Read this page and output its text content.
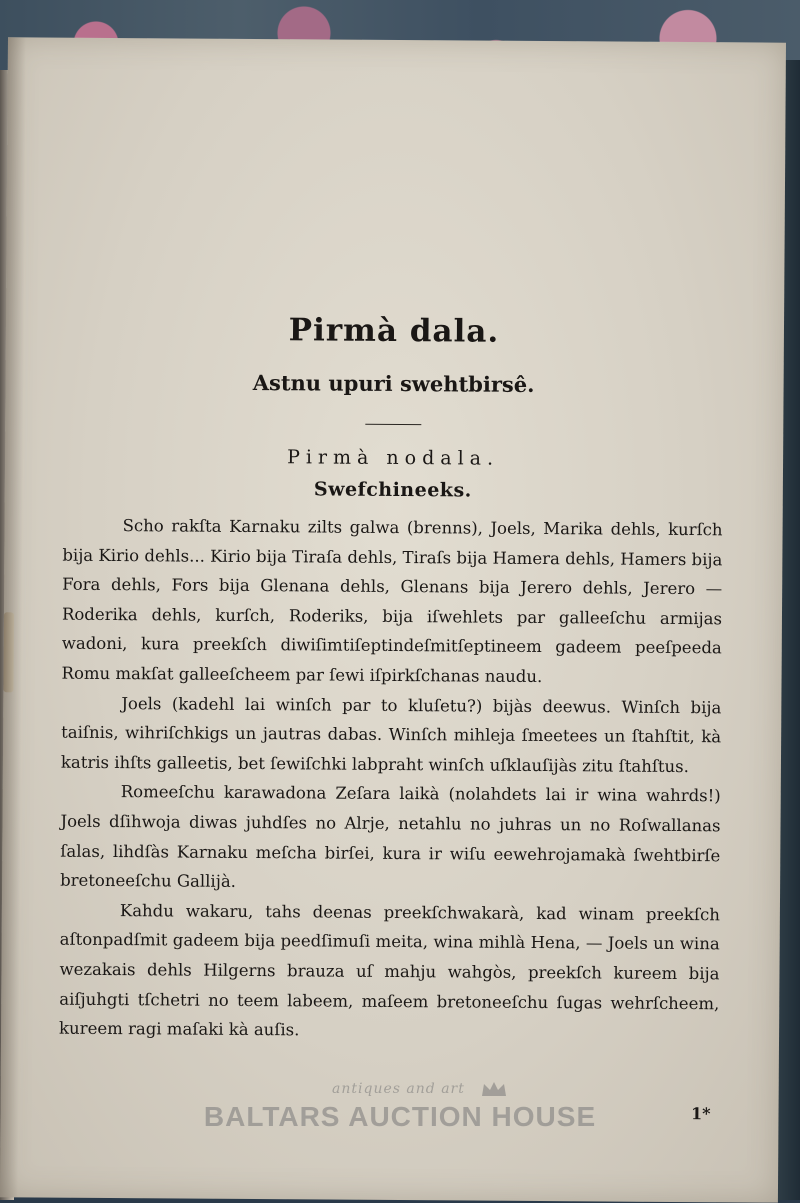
Pirmà dala.
Astnu upuri swehtbirsê.
Pirmà nodala.
Swefchineeks.

Scho rakſta Karnaku zilts galwa (brenns), Joels, Marika dehls, kurſch bija Kirio dehls... Kirio bija Tiraſa dehls, Tiraſs bija Hamera dehls, Hamers bija Fora dehls, Fors bija Glenana dehls, Glenans bija Jerero dehls, Jerero — Roderika dehls, kurſch, Roderiks, bija iſwehlets par galleeſchu armijas wadoni, kura preekſch diwiſimtiſeptindeſmitſeptineem gadeem peeſpeeda Romu makſat galleeſcheem par ſewi iſpirkſchanas naudu.

Joels (kadehl lai winſch par to kluſetu?) bijàs deewus. Winſch bija taiſnis, wihriſchkigs un jautras dabas. Winſch mihleja ſmeetees un ſtahſtit, kà katris ihſts galleetis, bet ſewiſchki labpraht winſch uſklauſijàs zitu ſtahſtus.

Romeeſchu karawadona Zeſara laikà (nolahdets lai ir wina wahrds!) Joels dſihwoja diwas juhdſes no Alrje, netahlu no juhras un no Roſwallanas ſalas, lihdſàs Karnaku meſcha birſei, kura ir wiſu eewehrojamakà ſwehtbirſe bretoneeſchu Gallijà.

Kahdu wakaru, tahs deenas preekſchwakarà, kad winam preekſch aſtonpadſmit gadeem bija peedſimuſi meita, wina mihlà Hena, — Joels un wina wezakais dehls Hilgerns brauza uſ mahju wahgòs, preekſch kureem bija aiſjuhgti tſchetri no teem labeem, maſeem bretoneeſchu ſugas wehrſcheem, kureem ragi maſaki kà auſis.

1*
antiques and art
BALTARS AUCTION HOUSE
